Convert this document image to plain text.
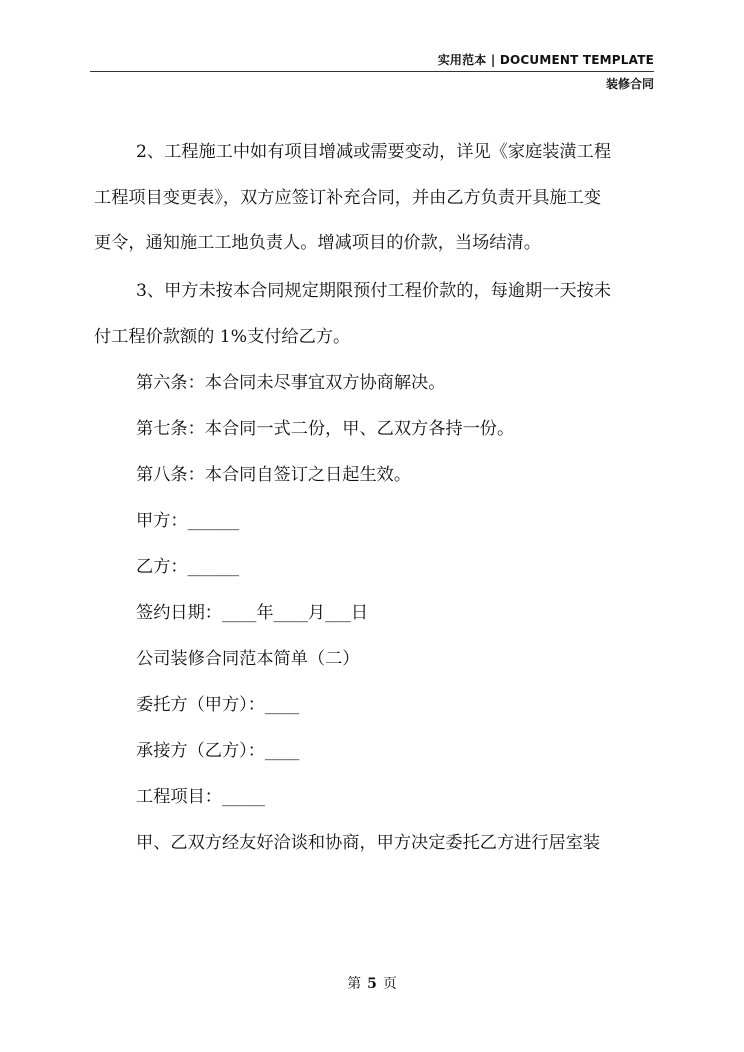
实用范本 | DOCUMENT TEMPLATE
装修合同
2、工程施工中如有项目增减或需要变动，详见《家庭装潢工程
工程项目变更表》，双方应签订补充合同，并由乙方负责开具施工变
更令，通知施工工地负责人。增减项目的价款，当场结清。
3、甲方未按本合同规定期限预付工程价款的，每逾期一天按未
付工程价款额的 1%支付给乙方。
第六条：本合同未尽事宜双方协商解决。
第七条：本合同一式二份，甲、乙双方各持一份。
第八条：本合同自签订之日起生效。
甲方：______
乙方：______
签约日期：____年____月___日
公司装修合同范本简单（二）
委托方（甲方）：____
承接方（乙方）：____
工程项目：_____
甲、乙双方经友好洽谈和协商，甲方决定委托乙方进行居室装
第 5 页
